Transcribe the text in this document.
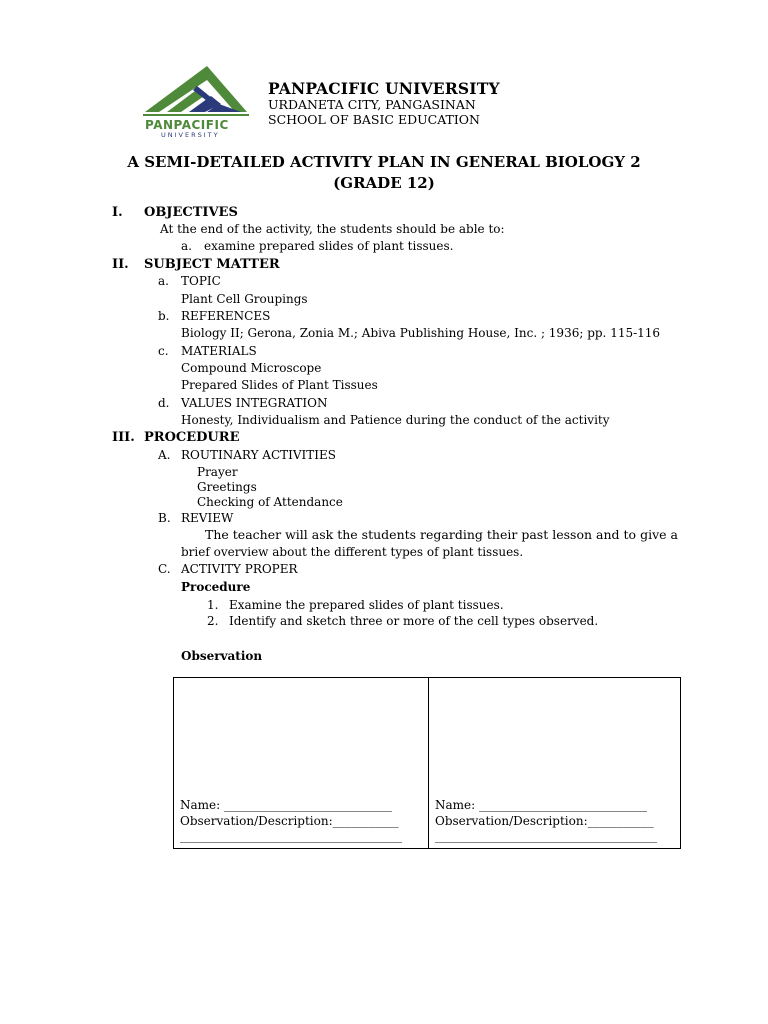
PANPACIFIC
UNIVERSITY
PANPACIFIC UNIVERSITY
URDANETA CITY, PANGASINAN
SCHOOL OF BASIC EDUCATION
A SEMI-DETAILED ACTIVITY PLAN IN GENERAL BIOLOGY 2
(GRADE 12)
I. OBJECTIVES
At the end of the activity, the students should be able to:
a. examine prepared slides of plant tissues.
II. SUBJECT MATTER
a. TOPIC
Plant Cell Groupings
b. REFERENCES
Biology II; Gerona, Zonia M.; Abiva Publishing House, Inc. ; 1936; pp. 115-116
c. MATERIALS
Compound Microscope
Prepared Slides of Plant Tissues
d. VALUES INTEGRATION
Honesty, Individualism and Patience during the conduct of the activity
III. PROCEDURE
A. ROUTINARY ACTIVITIES
Prayer
Greetings
Checking of Attendance
B. REVIEW
The teacher will ask the students regarding their past lesson and to give a
brief overview about the different types of plant tissues.
C. ACTIVITY PROPER
Procedure
1. Examine the prepared slides of plant tissues.
2. Identify and sketch three or more of the cell types observed.
Observation
Name: ____________________________
Observation/Description:___________
_____________________________________
Name: ____________________________
Observation/Description:___________
_____________________________________
